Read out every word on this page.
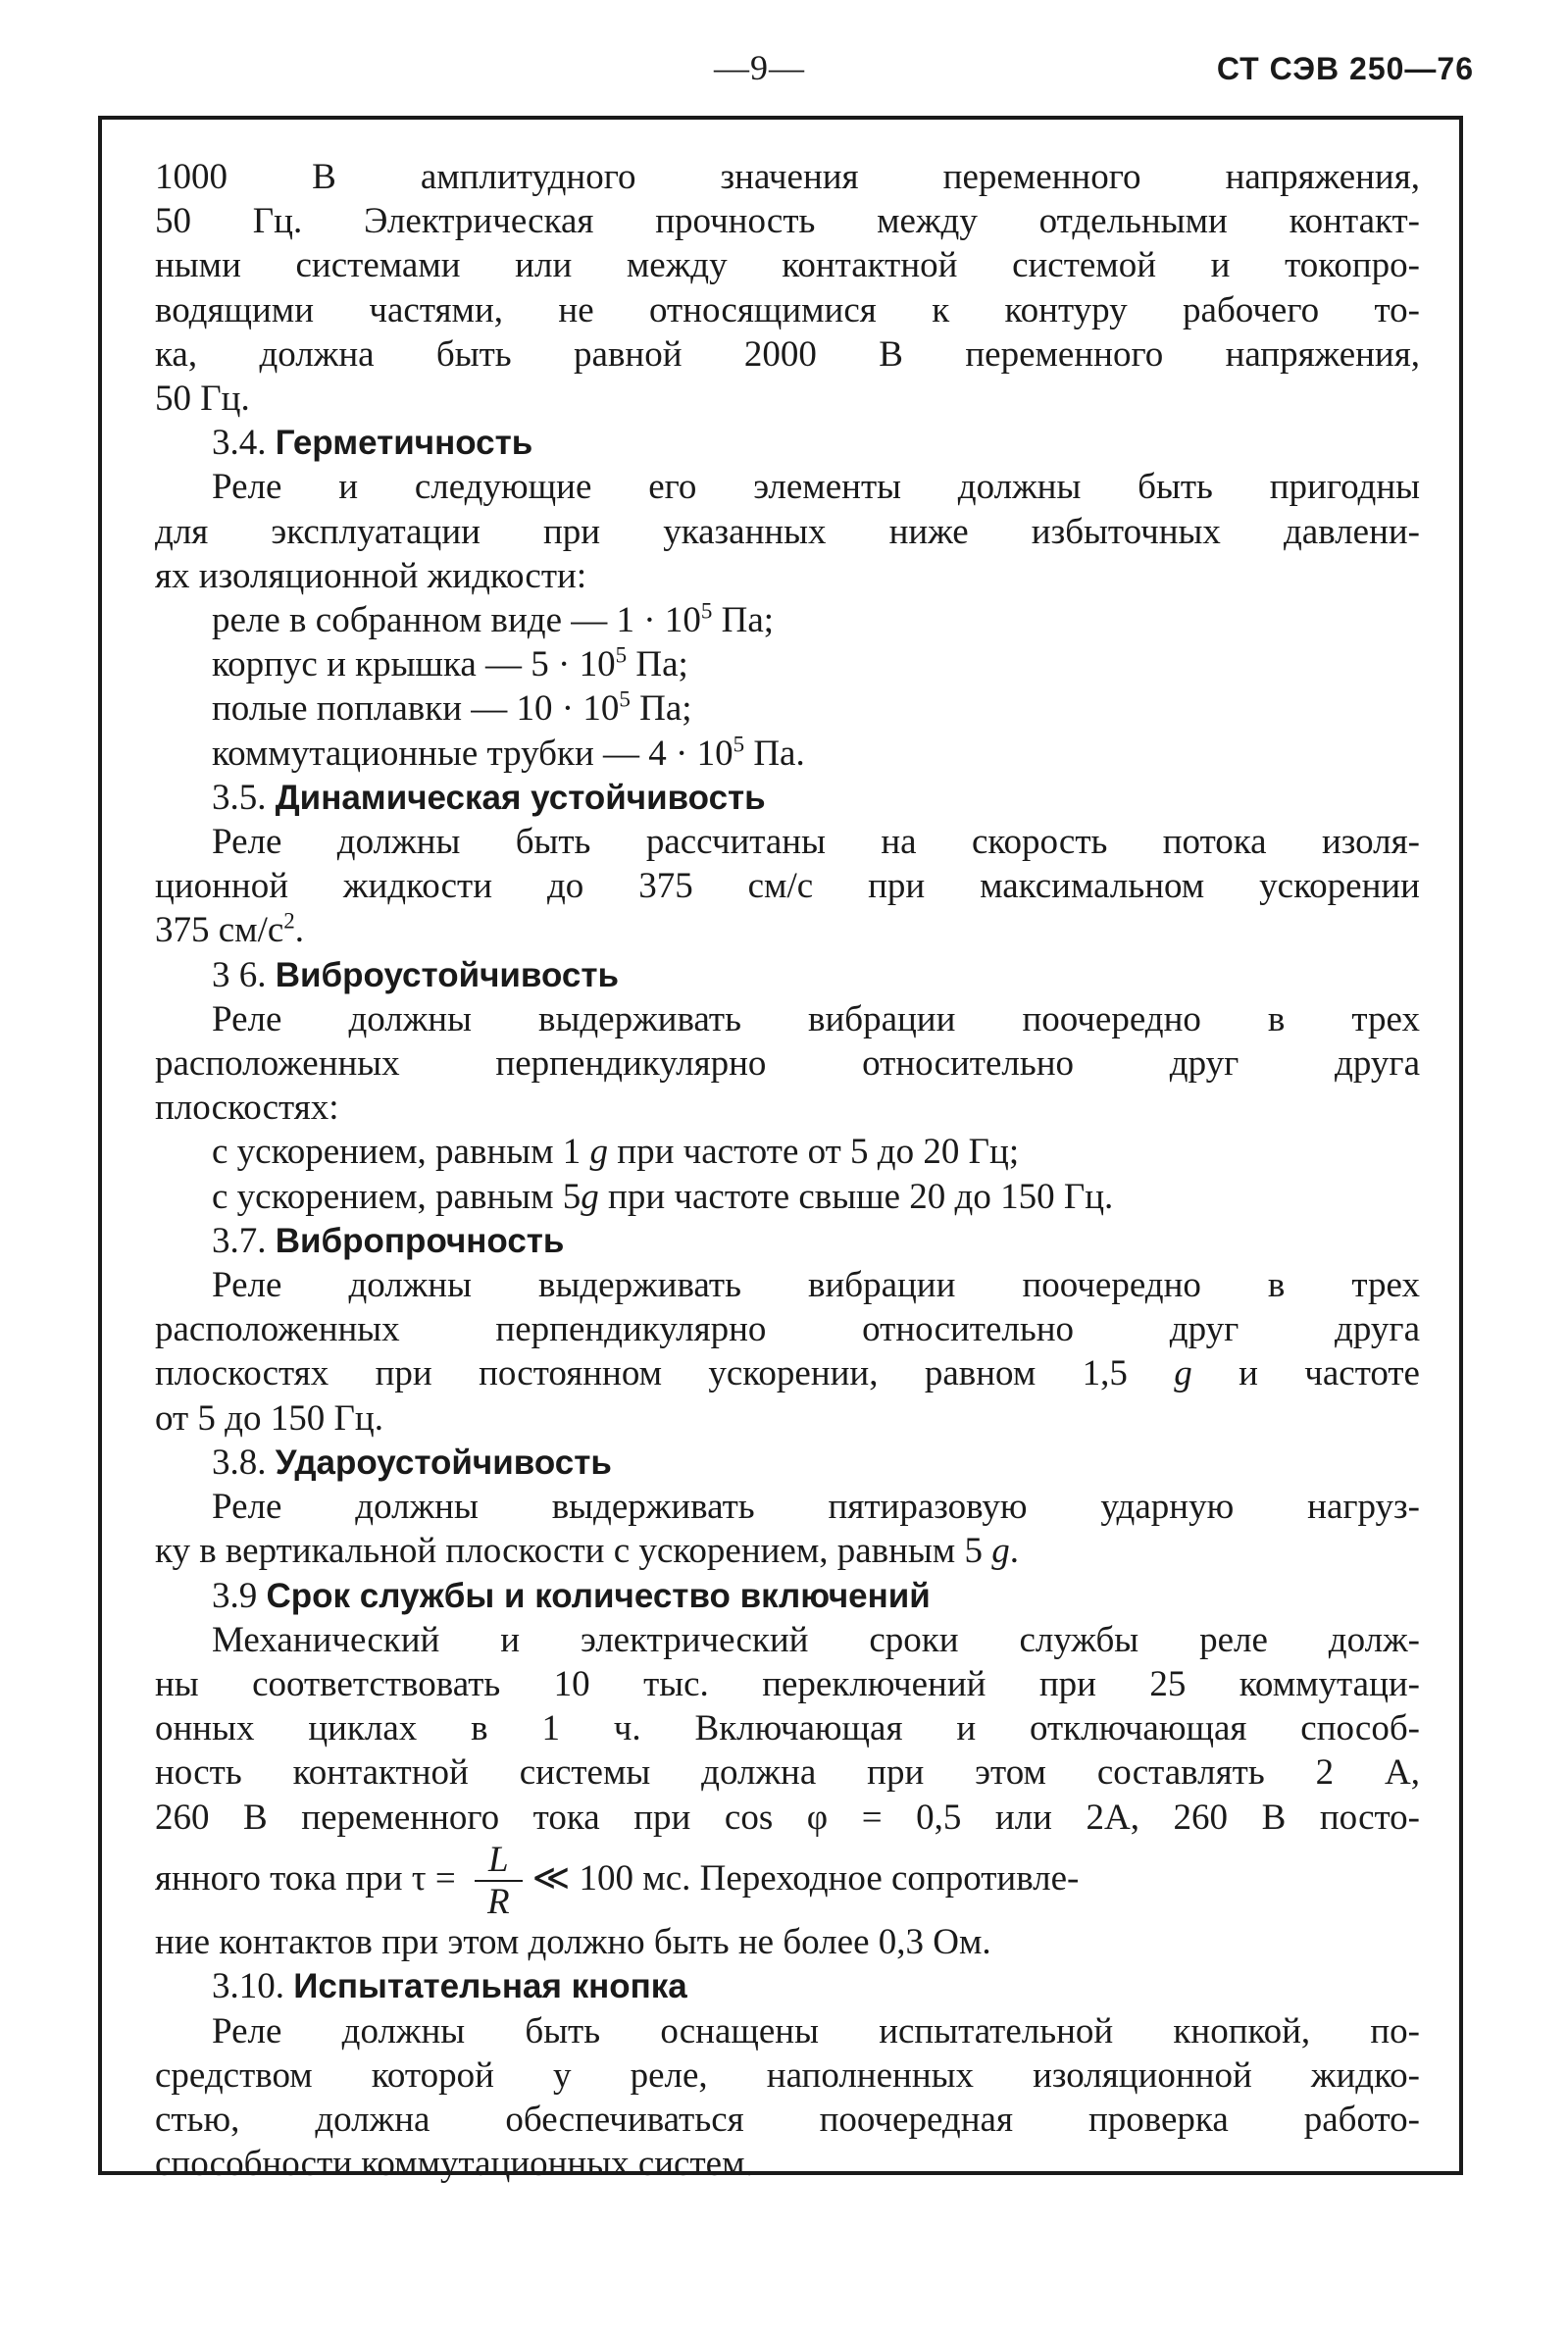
—9—	СТ СЭВ 250—76

1000 В амплитудного значения переменного напряжения,

50 Гц. Электрическая прочность между отдельными контакт-

ными системами или между контактной системой и токопро-

водящими частями, не относящимися к контуру рабочего то-

ка, должна быть равной 2000 В переменного напряжения,

50 Гц.

3.4. Герметичность

Реле и следующие его элементы должны быть пригодны

для эксплуатации при указанных ниже избыточных давлени-

ях изоляционной жидкости:

реле в собранном виде — $1 \cdot 10^5$ Па;

корпус и крышка — $5 \cdot 10^5$ Па;

полые поплавки — $10 \cdot 10^5$ Па;

коммутационные трубки — $4 \cdot 10^5$ Па.

3.5. Динамическая устойчивость

Реле должны быть рассчитаны на скорость потока изоля-

ционной жидкости до 375 см/с при максимальном ускорении

375 $см/с^2$.

3 6. Виброустойчивость

Реле должны выдерживать вибрации поочередно в трех

расположенных перпендикулярно относительно друг друга

плоскостях:

с ускорением, равным 1 g при частоте от 5 до 20 Гц;

с ускорением, равным 5g при частоте свыше 20 до 150 Гц.

3.7. Вибропрочность

Реле должны выдерживать вибрации поочередно в трех

расположенных перпендикулярно относительно друг друга

плоскостях при постоянном ускорении, равном 1,5 g и частоте

от 5 до 150 Гц.

3.8. Удароустойчивость

Реле должны выдерживать пятиразовую ударную нагруз-

ку в вертикальной плоскости с ускорением, равным 5 g.

3.9 Срок службы и количество включений

Механический и электрический сроки службы реле долж-

ны соответствовать 10 тыс. переключений при 25 коммутаци-

онных циклах в 1 ч. Включающая и отключающая способ-

ность контактной системы должна при этом составлять 2 А,

260 В переменного тока при cos φ = 0,5 или 2А, 260 В посто-

янного тока при $\tau = \frac{L}{R}$ ≪ 100 мс. Переходное сопротивле-

ние контактов при этом должно быть не более 0,3 Ом.

3.10. Испытательная кнопка

Реле должны быть оснащены испытательной кнопкой, по-

средством которой у реле, наполненных изоляционной жидко-

стью, должна обеспечиваться поочередная проверка работо-

способности коммутационных систем.
